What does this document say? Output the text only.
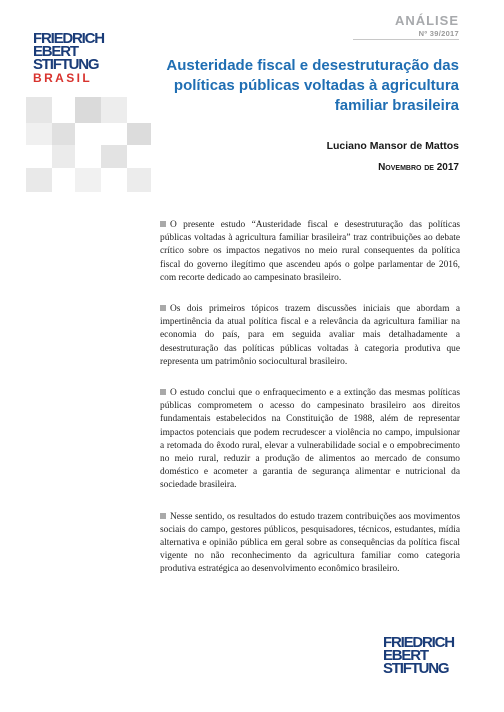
FRIEDRICH
EBERT
STIFTUNG
BRASIL
ANÁLISE
Nº 39/2017
Austeridade fiscal e desestruturação das políticas públicas voltadas à agricultura familiar brasileira
Luciano Mansor de Mattos
Novembro de 2017

O presente estudo “Austeridade fiscal e desestruturação das políticas públicas voltadas à agricultura familiar brasileira” traz contribuições ao debate crítico sobre os impactos negativos no meio rural consequentes da política fiscal do governo ilegítimo que ascendeu após o golpe parlamentar de 2016, com recorte dedicado ao campesinato brasileiro.

Os dois primeiros tópicos trazem discussões iniciais que abordam a impertinência da atual política fiscal e a relevância da agricultura familiar na economia do país, para em seguida avaliar mais detalhadamente a desestruturação das políticas públicas voltadas à categoria produtiva que representa um patrimônio sociocultural brasileiro.

O estudo conclui que o enfraquecimento e a extinção das mesmas políticas públicas comprometem o acesso do campesinato brasileiro aos direitos fundamentais estabelecidos na Constituição de 1988, além de representar impactos potenciais que podem recrudescer a violência no campo, impulsionar a retomada do êxodo rural, elevar a vulnerabilidade social e o empobrecimento no meio rural, reduzir a produção de alimentos ao mercado de consumo doméstico e acometer a garantia de segurança alimentar e nutricional da sociedade brasileira.

Nesse sentido, os resultados do estudo trazem contribuições aos movimentos sociais do campo, gestores públicos, pesquisadores, técnicos, estudantes, mídia alternativa e opinião pública em geral sobre as consequências da política fiscal vigente no não reconhecimento da agricultura familiar como categoria produtiva estratégica ao desenvolvimento econômico brasileiro.

FRIEDRICH
EBERT
STIFTUNG
